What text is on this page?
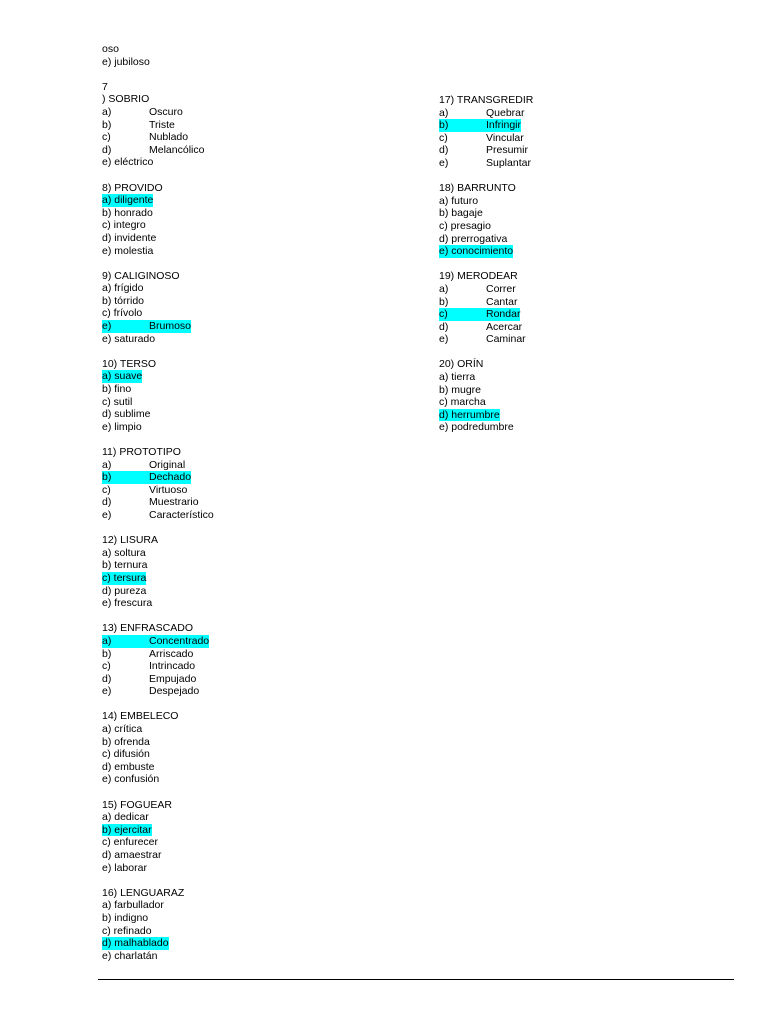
oso
e) jubiloso
7
) SOBRIO
a)	Oscuro
b)	Triste
c)	Nublado
d)	Melancólico
e) eléctrico
8) PROVIDO
a) diligente
b) honrado
c) integro
d) invidente
e) molestia
9) CALIGINOSO
a) frígido
b) tórrido
c) frívolo
e)	Brumoso
e) saturado
10) TERSO
a) suave
b) fino
c) sutil
d) sublime
e) limpio
11) PROTOTIPO
a)	Original
b)	Dechado
c)	Virtuoso
d)	Muestrario
e)	Característico
12) LISURA
a) soltura
b) ternura
c) tersura
d) pureza
e) frescura
13) ENFRASCADO
a)	Concentrado
b)	Arriscado
c)	Intrincado
d)	Empujado
e)	Despejado
14) EMBELECO
a) crítica
b) ofrenda
c) difusión
d) embuste
e) confusión
15) FOGUEAR
a) dedicar
b) ejercitar
c) enfurecer
d) amaestrar
e) laborar
16) LENGUARAZ
a) farbullador
b) indigno
c) refinado
d) malhablado
e) charlatán
17) TRANSGREDIR
a)	Quebrar
b)	Infringir
c)	Vincular
d)	Presumir
e)	Suplantar
18) BARRUNTO
a) futuro
b) bagaje
c) presagio
d) prerrogativa
e) conocimiento
19) MERODEAR
a)	Correr
b)	Cantar
c)	Rondar
d)	Acercar
e)	Caminar
20) ORÍN
a) tierra
b) mugre
c) marcha
d) herrumbre
e) podredumbre
